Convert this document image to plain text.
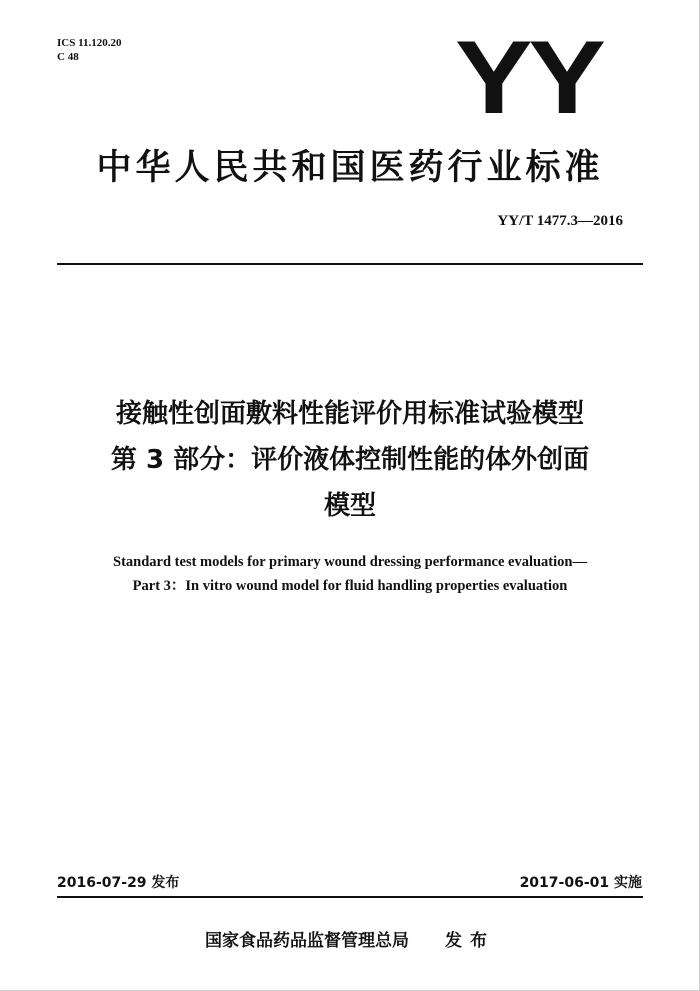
ICS 11.120.20
C 48	YY
中华人民共和国医药行业标准
YY/T 1477.3—2016
接触性创面敷料性能评价用标准试验模型
第 3 部分：评价液体控制性能的体外创面
模型
Standard test models for primary wound dressing performance evaluation—
Part 3：In vitro wound model for fluid handling properties evaluation
2016-07-29 发布	2017-06-01 实施
国家食品药品监督管理总局 发布
